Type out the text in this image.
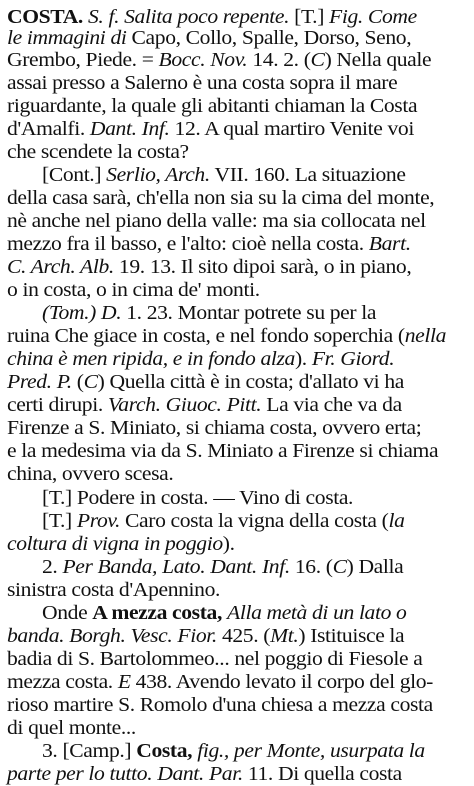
COSTA. S. f. Salita poco repente. [T.] Fig. Come
le immagini di Capo, Collo, Spalle, Dorso, Seno,
Grembo, Piede. = Bocc. Nov. 14. 2. (C) Nella quale
assai presso a Salerno è una costa sopra il mare
riguardante, la quale gli abitanti chiaman la Costa
d'Amalfi. Dant. Inf. 12. A qual martiro Venite voi
che scendete la costa?
[Cont.] Serlio, Arch. VII. 160. La situazione
della casa sarà, ch'ella non sia su la cima del monte,
nè anche nel piano della valle: ma sia collocata nel
mezzo fra il basso, e l'alto: cioè nella costa. Bart.
C. Arch. Alb. 19. 13. Il sito dipoi sarà, o in piano,
o in costa, o in cima de' monti.
(Tom.) D. 1. 23. Montar potrete su per la
ruina Che giace in costa, e nel fondo soperchia (nella
china è men ripida, e in fondo alza). Fr. Giord.
Pred. P. (C) Quella città è in costa; d'allato vi ha
certi dirupi. Varch. Giuoc. Pitt. La via che va da
Firenze a S. Miniato, si chiama costa, ovvero erta;
e la medesima via da S. Miniato a Firenze si chiama
china, ovvero scesa.
[T.] Podere in costa. — Vino di costa.
[T.] Prov. Caro costa la vigna della costa (la
coltura di vigna in poggio).
2. Per Banda, Lato. Dant. Inf. 16. (C) Dalla
sinistra costa d'Apennino.
Onde A mezza costa, Alla metà di un lato o
banda. Borgh. Vesc. Fior. 425. (Mt.) Istituisce la
badia di S. Bartolommeo... nel poggio di Fiesole a
mezza costa. E 438. Avendo levato il corpo del glo-
rioso martire S. Romolo d'una chiesa a mezza costa
di quel monte...
3. [Camp.] Costa, fig., per Monte, usurpata la
parte per lo tutto. Dant. Par. 11. Di quella costa
